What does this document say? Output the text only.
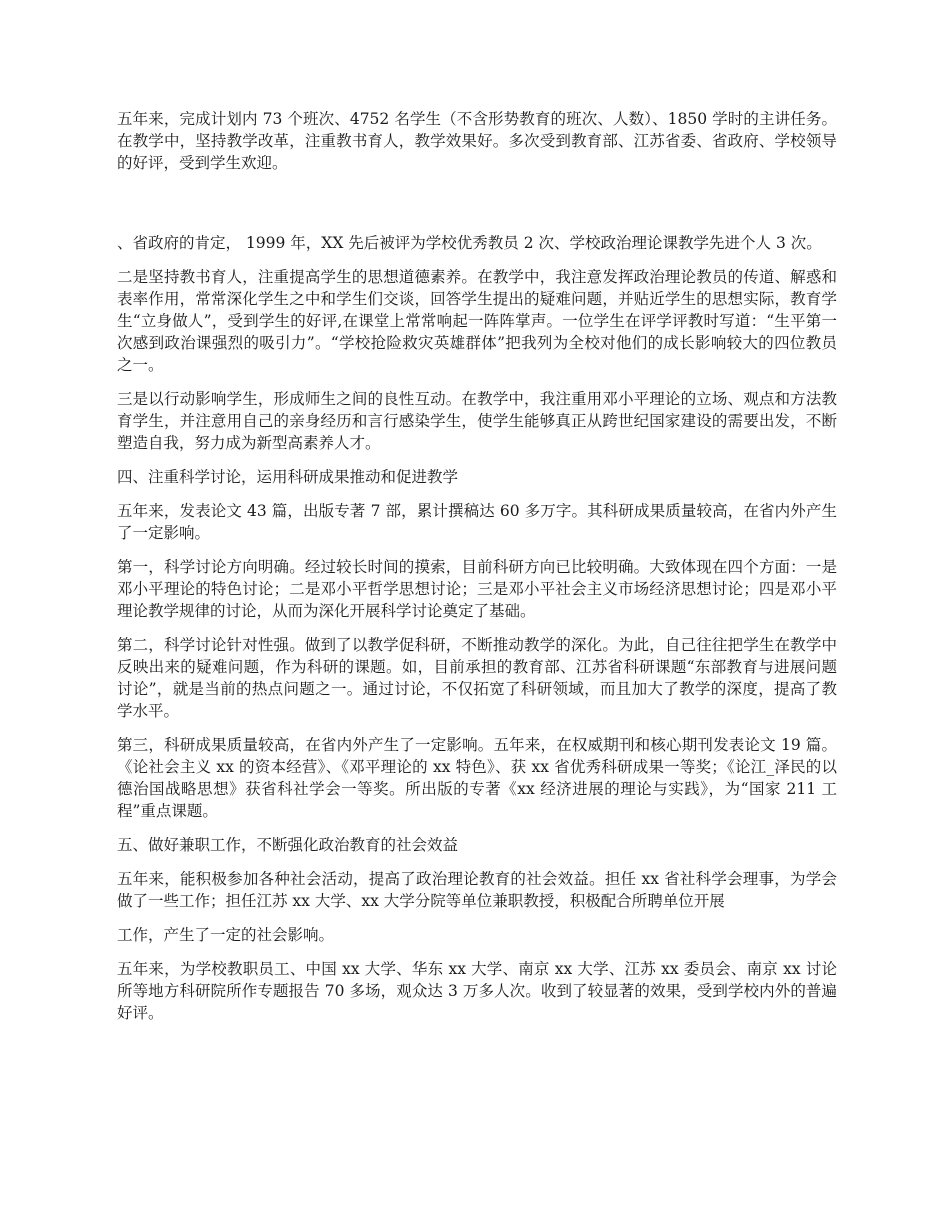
五年来，完成计划内 73 个班次、4752 名学生（不含形势教育的班次、人数）、1850 学时的主讲任务。在教学中，坚持教学改革，注重教书育人，教学效果好。多次受到教育部、江苏省委、省政府、学校领导的好评，受到学生欢迎。

、省政府的肯定， 1999 年，XX 先后被评为学校优秀教员 2 次、学校政治理论课教学先进个人 3 次。

二是坚持教书育人，注重提高学生的思想道德素养。在教学中，我注意发挥政治理论教员的传道、解惑和表率作用，常常深化学生之中和学生们交谈，回答学生提出的疑难问题，并贴近学生的思想实际，教育学生“立身做人”，受到学生的好评,在课堂上常常响起一阵阵掌声。一位学生在评学评教时写道：“生平第一次感到政治课强烈的吸引力”。“学校抢险救灾英雄群体”把我列为全校对他们的成长影响较大的四位教员之一。

三是以行动影响学生，形成师生之间的良性互动。在教学中，我注重用邓小平理论的立场、观点和方法教育学生，并注意用自己的亲身经历和言行感染学生，使学生能够真正从跨世纪国家建设的需要出发，不断塑造自我，努力成为新型高素养人才。

四、注重科学讨论，运用科研成果推动和促进教学

五年来，发表论文 43 篇，出版专著 7 部，累计撰稿达 60 多万字。其科研成果质量较高，在省内外产生了一定影响。

第一，科学讨论方向明确。经过较长时间的摸索，目前科研方向已比较明确。大致体现在四个方面：一是邓小平理论的特色讨论；二是邓小平哲学思想讨论；三是邓小平社会主义市场经济思想讨论；四是邓小平理论教学规律的讨论，从而为深化开展科学讨论奠定了基础。

第二，科学讨论针对性强。做到了以教学促科研，不断推动教学的深化。为此，自己往往把学生在教学中反映出来的疑难问题，作为科研的课题。如，目前承担的教育部、江苏省科研课题“东部教育与进展问题讨论”，就是当前的热点问题之一。通过讨论，不仅拓宽了科研领域，而且加大了教学的深度，提高了教学水平。

第三，科研成果质量较高，在省内外产生了一定影响。五年来，在权威期刊和核心期刊发表论文 19 篇。《论社会主义 xx 的资本经营》、《邓平理论的 xx 特色》、获 xx 省优秀科研成果一等奖；《论江_泽民的以德治国战略思想》获省科社学会一等奖。所出版的专著《xx 经济进展的理论与实践》，为“国家 211 工程”重点课题。

五、做好兼职工作，不断强化政治教育的社会效益

五年来，能积极参加各种社会活动，提高了政治理论教育的社会效益。担任 xx 省社科学会理事，为学会做了一些工作；担任江苏 xx 大学、xx 大学分院等单位兼职教授，积极配合所聘单位开展

工作，产生了一定的社会影响。

五年来，为学校教职员工、中国 xx 大学、华东 xx 大学、南京 xx 大学、江苏 xx 委员会、南京 xx 讨论所等地方科研院所作专题报告 70 多场，观众达 3 万多人次。收到了较显著的效果，受到学校内外的普遍好评。
